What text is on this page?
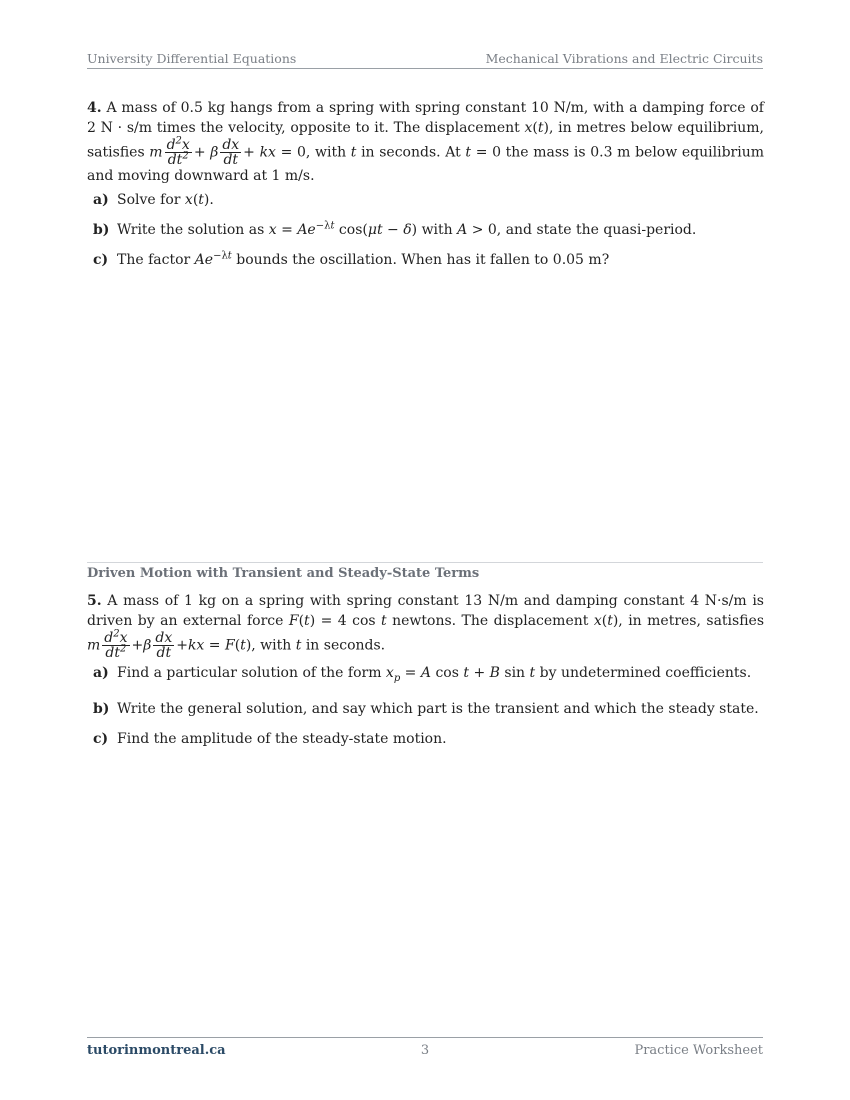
University Differential Equations	Mechanical Vibrations and Electric Circuits

4. A mass of 0.5 kg hangs from a spring with spring constant 10 N/m, with a damping force of 2 N · s/m times the velocity, opposite to it. The displacement x(t), in metres below equilibrium, satisfies m $\frac{d^2x}{dt^2} + \beta \frac{dx}{dt}$ + kx = 0, with t in seconds. At t = 0 the mass is 0.3 m below equilibrium and moving downward at 1 m/s.

a) Solve for x(t).
b) Write the solution as $x = Ae^{-\lambda t}$ cos(μt − δ) with A > 0, and state the quasi-period.
c) The factor $Ae^{-\lambda t}$ bounds the oscillation. When has it fallen to 0.05 m?
Driven Motion with Transient and Steady-State Terms

5. A mass of 1 kg on a spring with spring constant 13 N/m and damping constant 4 N·s/m is driven by an external force F(t) = 4 cos t newtons. The displacement x(t), in metres, satisfies m $\frac{d^2x}{dt^2} +\beta \frac{dx}{dt} +kx = F(t)$, with t in seconds.

a) Find a particular solution of the form $x_p = A$ cos t + B sin t by undetermined coefficients.
b) Write the general solution, and say which part is the transient and which the steady state.
c) Find the amplitude of the steady-state motion.
tutorinmontreal.ca	3	Practice Worksheet
